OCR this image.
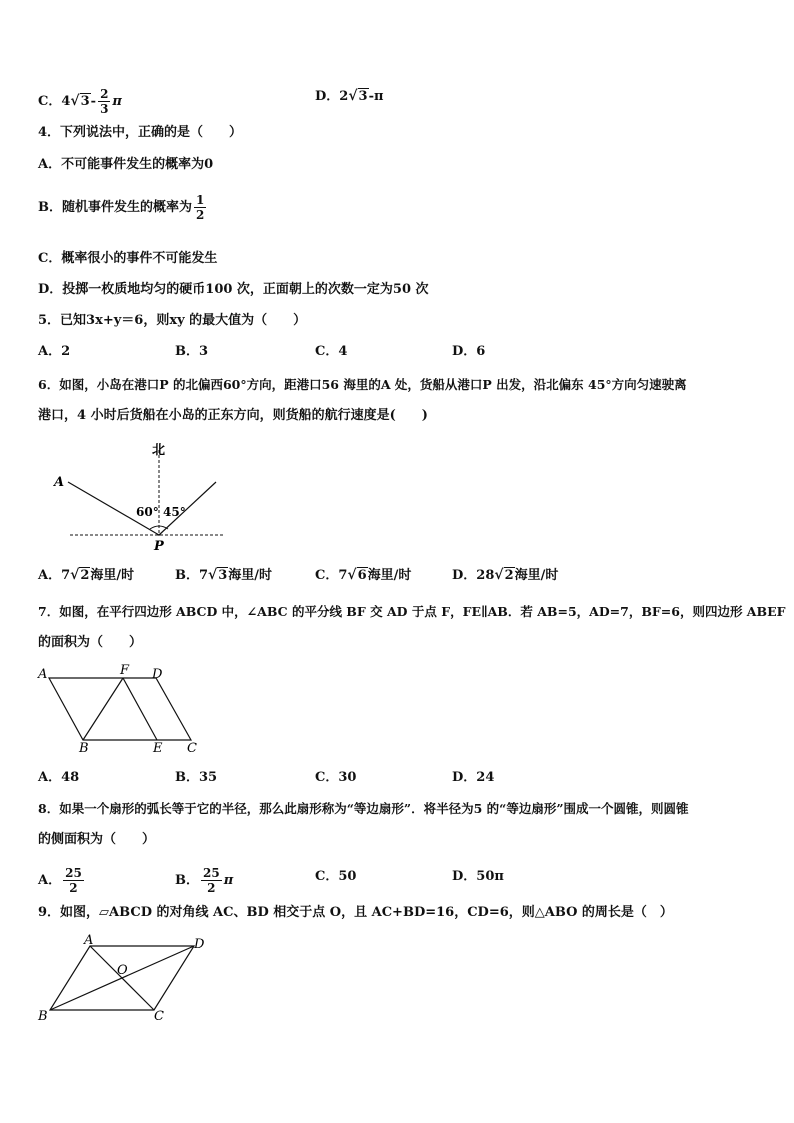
C．$4√3- \frac{2}{3}$ π	D．2√3-π
4．下列说法中，正确的是（　　）
A．不可能事件发生的概率为0
B．随机事件发生的概率为 $\frac{1}{2}$
C．概率很小的事件不可能发生
D．投掷一枚质地均匀的硬币100 次，正面朝上的次数一定为50 次
5．已知3x+y＝6，则xy 的最大值为（　　）
A．2	B．3	C．4	D．6
6．如图，小岛在港口P 的北偏西60°方向，距港口56 海里的A 处，货船从港口P 出发，沿北偏东 45°方向匀速驶离
港口，4 小时后货船在小岛的正东方向，则货船的航行速度是(　　)
北
A
P
60° 45°
A．7√2海里/时	B．7√3海里/时	C．7√6海里/时	D．28√2海里/时
7．如图，在平行四边形 ABCD 中，∠ABC 的平分线 BF 交 AD 于点 F，FE∥AB．若 AB=5，AD=7，BF=6，则四边形 ABEF
的面积为（　　）
A	F D
B	E C
A．48	B．35	C．30	D．24
8．如果一个扇形的弧长等于它的半径，那么此扇形称为“等边扇形”．将半径为5 的“等边扇形”围成一个圆锥，则圆锥
的侧面积为（　　）
A． $\frac{25}{2}$	B． $\frac{25}{2}$ π	C．50	D．50π
9．如图，▱ABCD 的对角线 AC、BD 相交于点 O，且 AC+BD=16，CD=6，则△ABO 的周长是（　）
A	D
O
B	C
